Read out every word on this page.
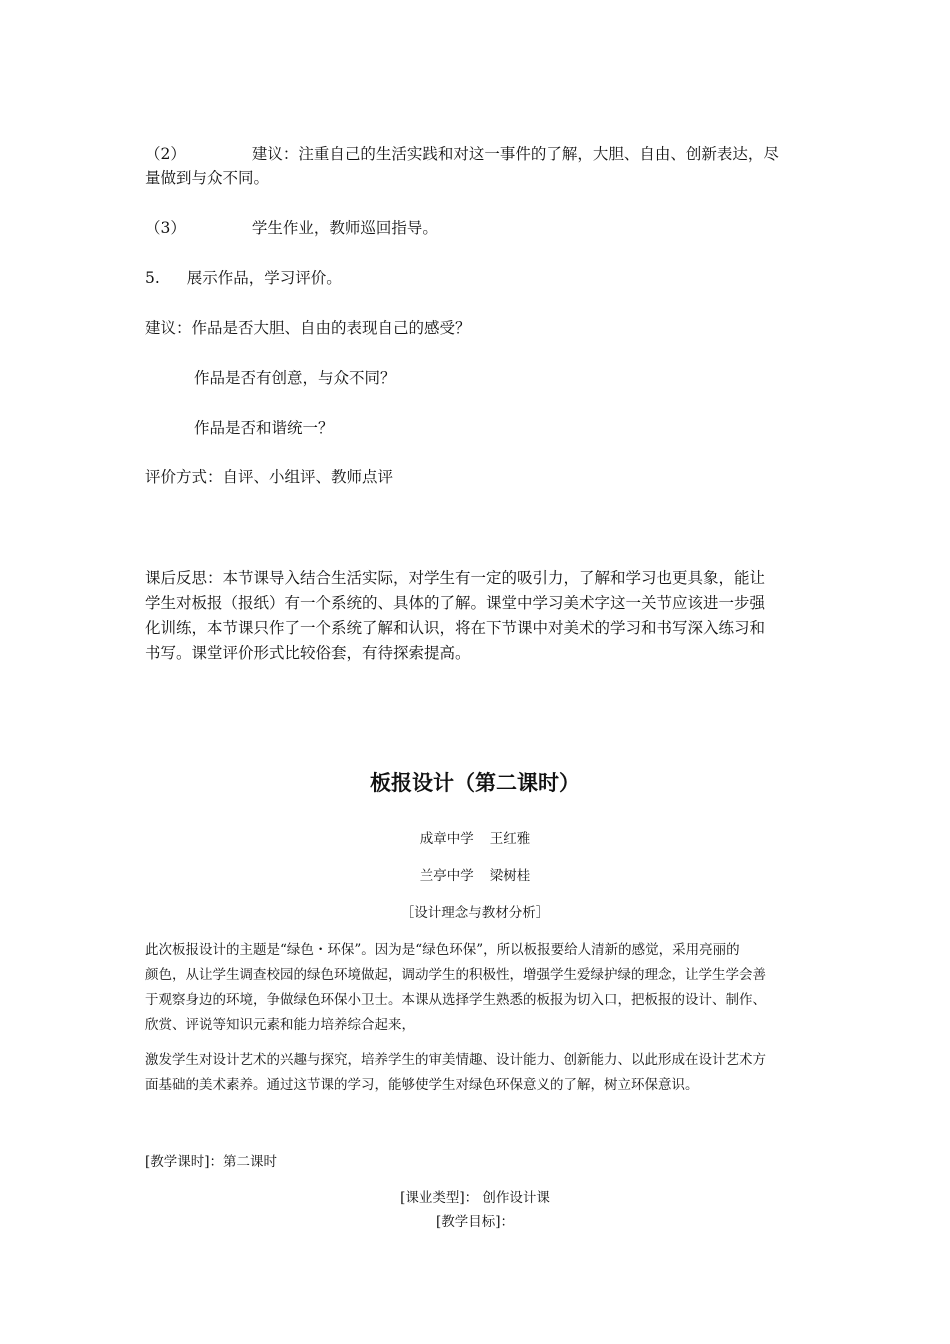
（2）	建议：注重自己的生活实践和对这一事件的了解，大胆、自由、创新表达，尽
量做到与众不同。
（3）	学生作业，教师巡回指导。
5. 展示作品，学习评价。
建议：作品是否大胆、自由的表现自己的感受？
作品是否有创意，与众不同？
作品是否和谐统一？
评价方式：自评、小组评、教师点评
课后反思：本节课导入结合生活实际，对学生有一定的吸引力，了解和学习也更具象，能让
学生对板报（报纸）有一个系统的、具体的了解。课堂中学习美术字这一关节应该进一步强
化训练，本节课只作了一个系统了解和认识，将在下节课中对美术的学习和书写深入练习和
书写。课堂评价形式比较俗套，有待探索提高。
板报设计（第二课时）
成章中学 王红雅
兰亭中学 梁树桂
［设计理念与教材分析］
此次板报设计的主题是“绿色・环保”。因为是“绿色环保”，所以板报要给人清新的感觉，采用亮丽的
颜色，从让学生调查校园的绿色环境做起，调动学生的积极性，增强学生爱绿护绿的理念，让学生学会善
于观察身边的环境，争做绿色环保小卫士。本课从选择学生熟悉的板报为切入口，把板报的设计、制作、
欣赏、评说等知识元素和能力培养综合起来，
激发学生对设计艺术的兴趣与探究，培养学生的审美情趣、设计能力、创新能力、以此形成在设计艺术方
面基础的美术素养。通过这节课的学习，能够使学生对绿色环保意义的了解，树立环保意识。
[教学课时]：第二课时
[课业类型]： 创作设计课
[教学目标]：
